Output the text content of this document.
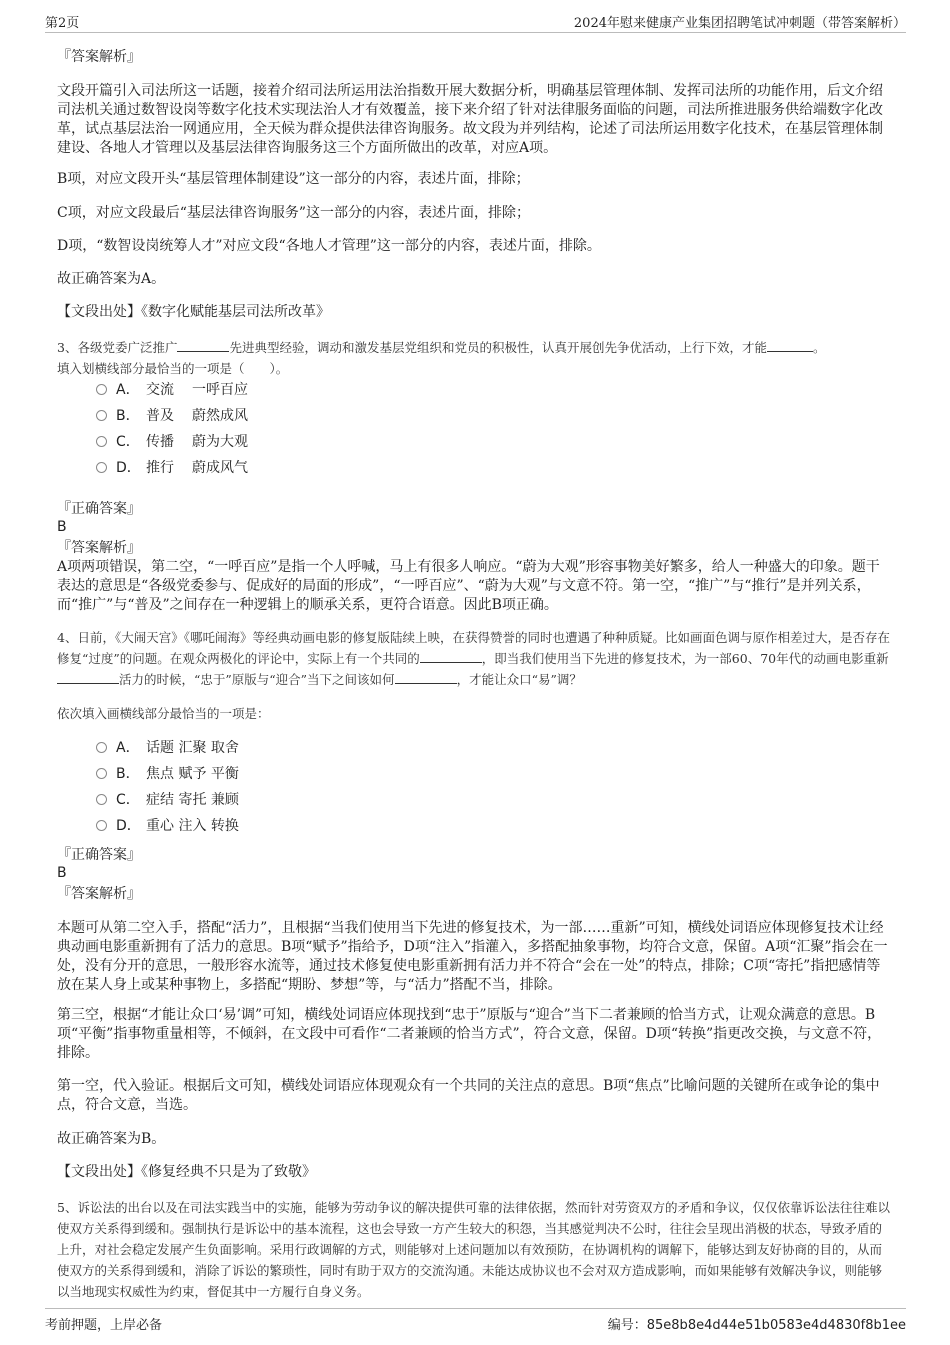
第2页	2024年慰来健康产业集团招聘笔试冲刺题（带答案解析）

『答案解析』

文段开篇引入司法所这一话题，接着介绍司法所运用法治指数开展大数据分析，明确基层管理体制、发挥司法所的功能作用，后文介绍司法机关通过数智设岗等数字化技术实现法治人才有效覆盖，接下来介绍了针对法律服务面临的问题，司法所推进服务供给端数字化改革，试点基层法治一网通应用，全天候为群众提供法律咨询服务。故文段为并列结构，论述了司法所运用数字化技术，在基层管理体制建设、各地人才管理以及基层法律咨询服务这三个方面所做出的改革，对应A项。

B项，对应文段开头“基层管理体制建设”这一部分的内容，表述片面，排除；

C项，对应文段最后“基层法律咨询服务”这一部分的内容，表述片面，排除；

D项，“数智设岗统筹人才”对应文段“各地人才管理”这一部分的内容，表述片面，排除。

故正确答案为A。

【文段出处】《数字化赋能基层司法所改革》

3、各级党委广泛推广	先进典型经验，调动和激发基层党组织和党员的积极性，认真开展创先争优活动，上行下效，才能	。
填入划横线部分最恰当的一项是（　　）。
A． 交流 一呼百应
B． 普及 蔚然成风
C． 传播 蔚为大观
D． 推行 蔚成风气

『正确答案』

B

『答案解析』

A项两项错误，第二空，“一呼百应”是指一个人呼喊，马上有很多人响应。“蔚为大观”形容事物美好繁多，给人一种盛大的印象。题干表达的意思是“各级党委参与、促成好的局面的形成”，“一呼百应”、“蔚为大观”与文意不符。第一空，“推广”与“推行”是并列关系，而“推广”与“普及”之间存在一种逻辑上的顺承关系，更符合语意。因此B项正确。

4、日前，《大闹天宫》《哪吒闹海》等经典动画电影的修复版陆续上映，在获得赞誉的同时也遭遇了种种质疑。比如画面色调与原作相差过大，是否存在修复“过度”的问题。在观众两极化的评论中，实际上有一个共同的	，即当我们使用当下先进的修复技术，为一部60、70年代的动画电影重新活力的时候，“忠于”原版与“迎合”当下之间该如何	，才能让众口“易”调？

依次填入画横线部分最恰当的一项是：

A． 话题 汇聚 取舍
B． 焦点 赋予 平衡
C． 症结 寄托 兼顾
D． 重心 注入 转换

『正确答案』

B

『答案解析』

本题可从第二空入手，搭配“活力”，且根据“当我们使用当下先进的修复技术，为一部……重新”可知，横线处词语应体现修复技术让经典动画电影重新拥有了活力的意思。B项“赋予”指给予，D项“注入”指灌入，多搭配抽象事物，均符合文意，保留。A项“汇聚”指会在一处，没有分开的意思，一般形容水流等，通过技术修复使电影重新拥有活力并不符合“会在一处”的特点，排除；C项“寄托”指把感情等放在某人身上或某种事物上，多搭配“期盼、梦想”等，与“活力”搭配不当，排除。

第三空，根据“才能让众口‘易’调”可知，横线处词语应体现找到“忠于”原版与“迎合”当下二者兼顾的恰当方式，让观众满意的意思。B项“平衡”指事物重量相等，不倾斜，在文段中可看作“二者兼顾的恰当方式”，符合文意，保留。D项“转换”指更改交换，与文意不符，排除。

第一空，代入验证。根据后文可知，横线处词语应体现观众有一个共同的关注点的意思。B项“焦点”比喻问题的关键所在或争论的集中点，符合文意，当选。

故正确答案为B。

【文段出处】《修复经典不只是为了致敬》

5、诉讼法的出台以及在司法实践当中的实施，能够为劳动争议的解决提供可靠的法律依据，然而针对劳资双方的矛盾和争议，仅仅依靠诉讼法往往难以使双方关系得到缓和。强制执行是诉讼中的基本流程，这也会导致一方产生较大的积怨，当其感觉判决不公时，往往会呈现出消极的状态，导致矛盾的上升，对社会稳定发展产生负面影响。采用行政调解的方式，则能够对上述问题加以有效预防，在协调机构的调解下，能够达到友好协商的目的，从而使双方的关系得到缓和，消除了诉讼的繁琐性，同时有助于双方的交流沟通。未能达成协议也不会对双方造成影响，而如果能够有效解决争议，则能够以当地现实权威性为约束，督促其中一方履行自身义务。

考前押题，上岸必备	编号：85e8b8e4d44e51b0583e4d4830f8b1ee
